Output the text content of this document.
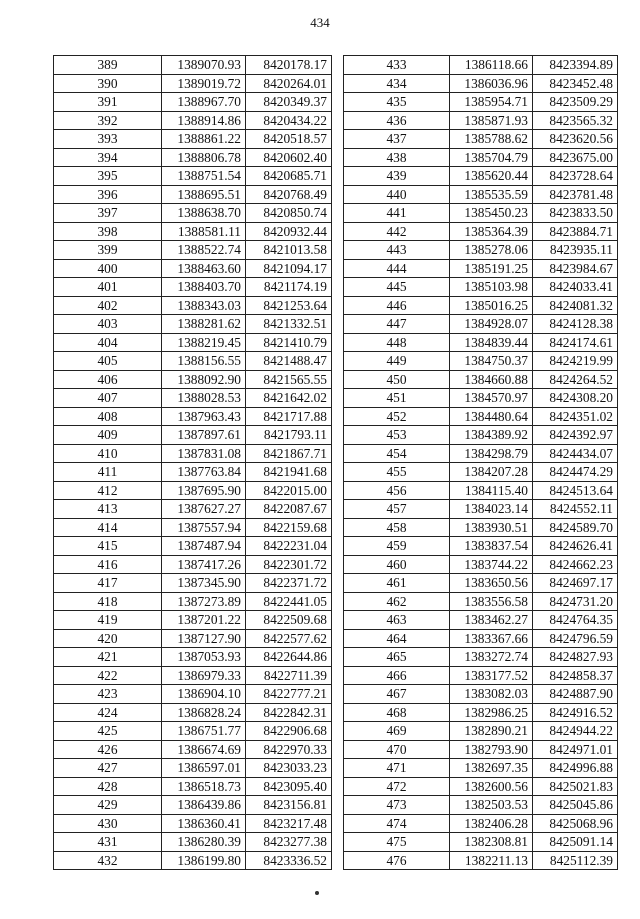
434
389	1389070.93	8420178.17
390	1389019.72	8420264.01
391	1388967.70	8420349.37
392	1388914.86	8420434.22
393	1388861.22	8420518.57
394	1388806.78	8420602.40
395	1388751.54	8420685.71
396	1388695.51	8420768.49
397	1388638.70	8420850.74
398	1388581.11	8420932.44
399	1388522.74	8421013.58
400	1388463.60	8421094.17
401	1388403.70	8421174.19
402	1388343.03	8421253.64
403	1388281.62	8421332.51
404	1388219.45	8421410.79
405	1388156.55	8421488.47
406	1388092.90	8421565.55
407	1388028.53	8421642.02
408	1387963.43	8421717.88
409	1387897.61	8421793.11
410	1387831.08	8421867.71
411	1387763.84	8421941.68
412	1387695.90	8422015.00
413	1387627.27	8422087.67
414	1387557.94	8422159.68
415	1387487.94	8422231.04
416	1387417.26	8422301.72
417	1387345.90	8422371.72
418	1387273.89	8422441.05
419	1387201.22	8422509.68
420	1387127.90	8422577.62
421	1387053.93	8422644.86
422	1386979.33	8422711.39
423	1386904.10	8422777.21
424	1386828.24	8422842.31
425	1386751.77	8422906.68
426	1386674.69	8422970.33
427	1386597.01	8423033.23
428	1386518.73	8423095.40
429	1386439.86	8423156.81
430	1386360.41	8423217.48
431	1386280.39	8423277.38
432	1386199.80	8423336.52
433	1386118.66	8423394.89
434	1386036.96	8423452.48
435	1385954.71	8423509.29
436	1385871.93	8423565.32
437	1385788.62	8423620.56
438	1385704.79	8423675.00
439	1385620.44	8423728.64
440	1385535.59	8423781.48
441	1385450.23	8423833.50
442	1385364.39	8423884.71
443	1385278.06	8423935.11
444	1385191.25	8423984.67
445	1385103.98	8424033.41
446	1385016.25	8424081.32
447	1384928.07	8424128.38
448	1384839.44	8424174.61
449	1384750.37	8424219.99
450	1384660.88	8424264.52
451	1384570.97	8424308.20
452	1384480.64	8424351.02
453	1384389.92	8424392.97
454	1384298.79	8424434.07
455	1384207.28	8424474.29
456	1384115.40	8424513.64
457	1384023.14	8424552.11
458	1383930.51	8424589.70
459	1383837.54	8424626.41
460	1383744.22	8424662.23
461	1383650.56	8424697.17
462	1383556.58	8424731.20
463	1383462.27	8424764.35
464	1383367.66	8424796.59
465	1383272.74	8424827.93
466	1383177.52	8424858.37
467	1383082.03	8424887.90
468	1382986.25	8424916.52
469	1382890.21	8424944.22
470	1382793.90	8424971.01
471	1382697.35	8424996.88
472	1382600.56	8425021.83
473	1382503.53	8425045.86
474	1382406.28	8425068.96
475	1382308.81	8425091.14
476	1382211.13	8425112.39
